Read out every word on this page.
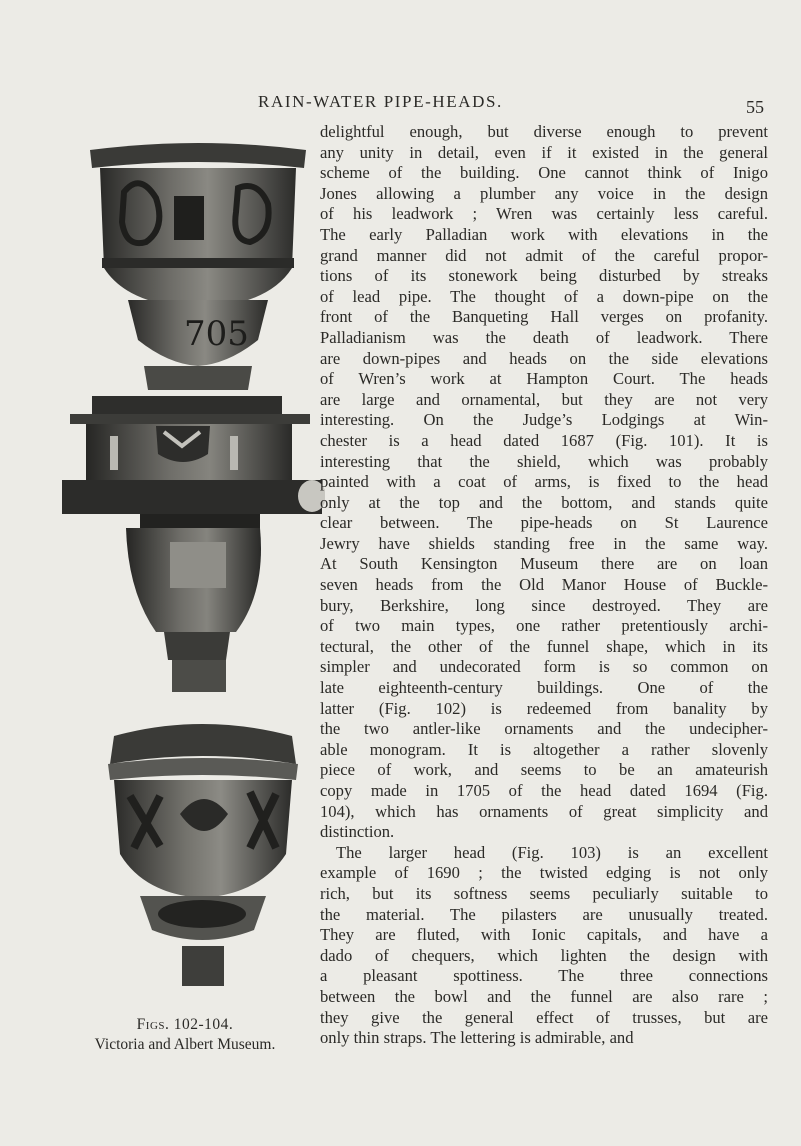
RAIN-WATER PIPE-HEADS.	55
705
Figs. 102-104.
Victoria and Albert Museum.
delightful enough, but diverse enough to prevent
any unity in detail, even if it existed in the general
scheme of the building. One cannot think of Inigo
Jones allowing a plumber any voice in the design
of his leadwork ; Wren was certainly less careful.
The early Palladian work with elevations in the
grand manner did not admit of the careful propor-
tions of its stonework being disturbed by streaks
of lead pipe. The thought of a down-pipe on the
front of the Banqueting Hall verges on profanity.
Palladianism was the death of leadwork. There
are down-pipes and heads on the side elevations
of Wren’s work at Hampton Court. The heads
are large and ornamental, but they are not very
interesting. On the Judge’s Lodgings at Win-
chester is a head dated 1687 (Fig. 101). It is
interesting that the shield, which was probably
painted with a coat of arms, is fixed to the head
only at the top and the bottom, and stands quite
clear between. The pipe-heads on St Laurence
Jewry have shields standing free in the same way.
At South Kensington Museum there are on loan
seven heads from the Old Manor House of Buckle-
bury, Berkshire, long since destroyed. They are
of two main types, one rather pretentiously archi-
tectural, the other of the funnel shape, which in its
simpler and undecorated form is so common on
late eighteenth-century buildings. One of the
latter (Fig. 102) is redeemed from banality by
the two antler-like ornaments and the undecipher-
able monogram. It is altogether a rather slovenly
piece of work, and seems to be an amateurish
copy made in 1705 of the head dated 1694 (Fig.
104), which has ornaments of great simplicity and
distinction.
The larger head (Fig. 103) is an excellent
example of 1690 ; the twisted edging is not only
rich, but its softness seems peculiarly suitable to
the material. The pilasters are unusually treated.
They are fluted, with Ionic capitals, and have a
dado of chequers, which lighten the design with
a pleasant spottiness. The three connections
between the bowl and the funnel are also rare ;
they give the general effect of trusses, but are
only thin straps. The lettering is admirable, and
